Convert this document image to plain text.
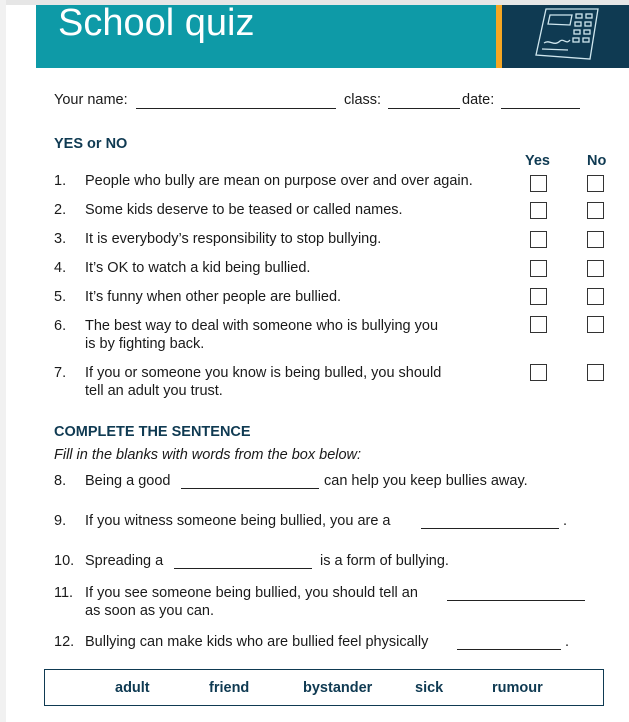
School quiz
Your name:	class:	date:
YES or NO
Yes	No
1.	People who bully are mean on purpose over and over again.
2.	Some kids deserve to be teased or called names.
3.	It is everybody’s responsibility to stop bullying.
4.	It’s OK to watch a kid being bullied.
5.	It’s funny when other people are bullied.
6.	The best way to deal with someone who is bullying you
is by fighting back.
7.	If you or someone you know is being bulled, you should
tell an adult you trust.
COMPLETE THE SENTENCE
Fill in the blanks with words from the box below:
8.	Being a good	can help you keep bullies away.
9.	If you witness someone being bullied, you are a	.
10. Spreading a	is a form of bullying.
11. If you see someone being bullied, you should tell an
as soon as you can.
12. Bullying can make kids who are bullied feel physically	.
adult	friend	bystander	sick	rumour
